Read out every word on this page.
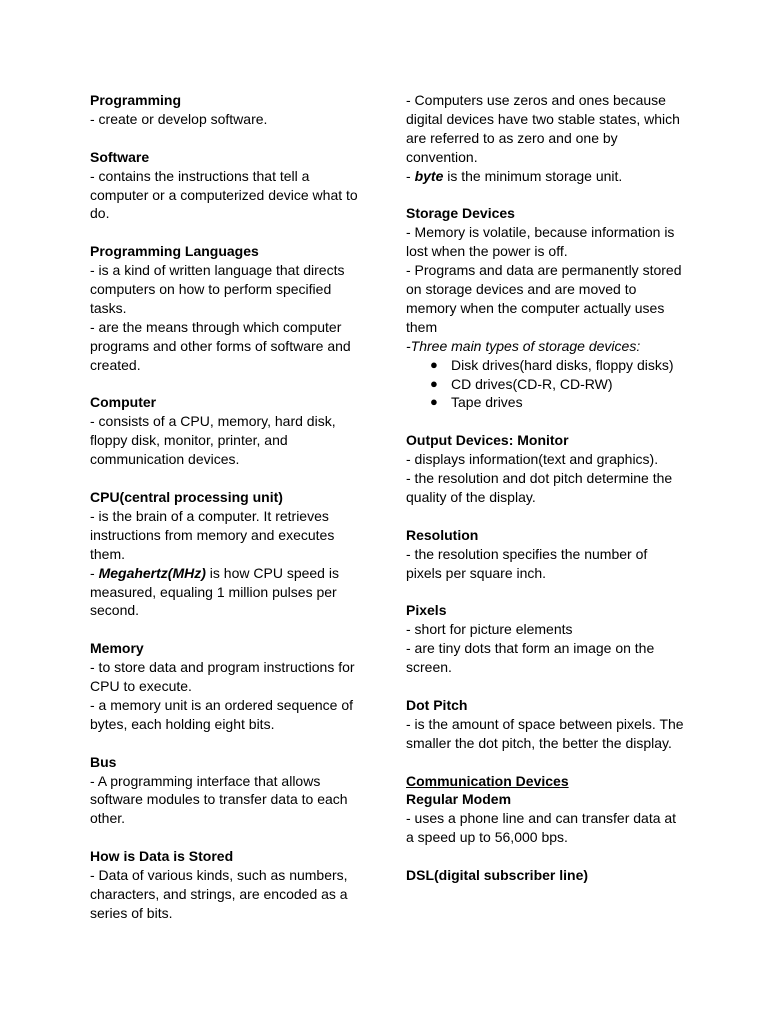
Programming

- create or develop software.

Software

- contains the instructions that tell a computer or a computerized device what to do.

Programming Languages

- is a kind of written language that directs computers on how to perform specified tasks.

- are the means through which computer programs and other forms of software and created.

Computer

- consists of a CPU, memory, hard disk, floppy disk, monitor, printer, and communication devices.

CPU(central processing unit)

- is the brain of a computer. It retrieves instructions from memory and executes them.

- Megahertz(MHz) is how CPU speed is measured, equaling 1 million pulses per second.

Memory

- to store data and program instructions for CPU to execute.

- a memory unit is an ordered sequence of bytes, each holding eight bits.

Bus

- A programming interface that allows software modules to transfer data to each other.

How is Data is Stored

- Data of various kinds, such as numbers, characters, and strings, are encoded as a series of bits.

- Computers use zeros and ones because digital devices have two stable states, which are referred to as zero and one by convention.

- byte is the minimum storage unit.

Storage Devices

- Memory is volatile, because information is lost when the power is off.

- Programs and data are permanently stored on storage devices and are moved to memory when the computer actually uses them

-Three main types of storage devices:

● Disk drives(hard disks, floppy disks)
● CD drives(CD-R, CD-RW)
● Tape drives

Output Devices: Monitor

- displays information(text and graphics).

- the resolution and dot pitch determine the quality of the display.

Resolution

- the resolution specifies the number of pixels per square inch.

Pixels

- short for picture elements

- are tiny dots that form an image on the screen.

Dot Pitch

- is the amount of space between pixels. The smaller the dot pitch, the better the display.

Communication Devices

Regular Modem

- uses a phone line and can transfer data at a speed up to 56,000 bps.

DSL(digital subscriber line)
